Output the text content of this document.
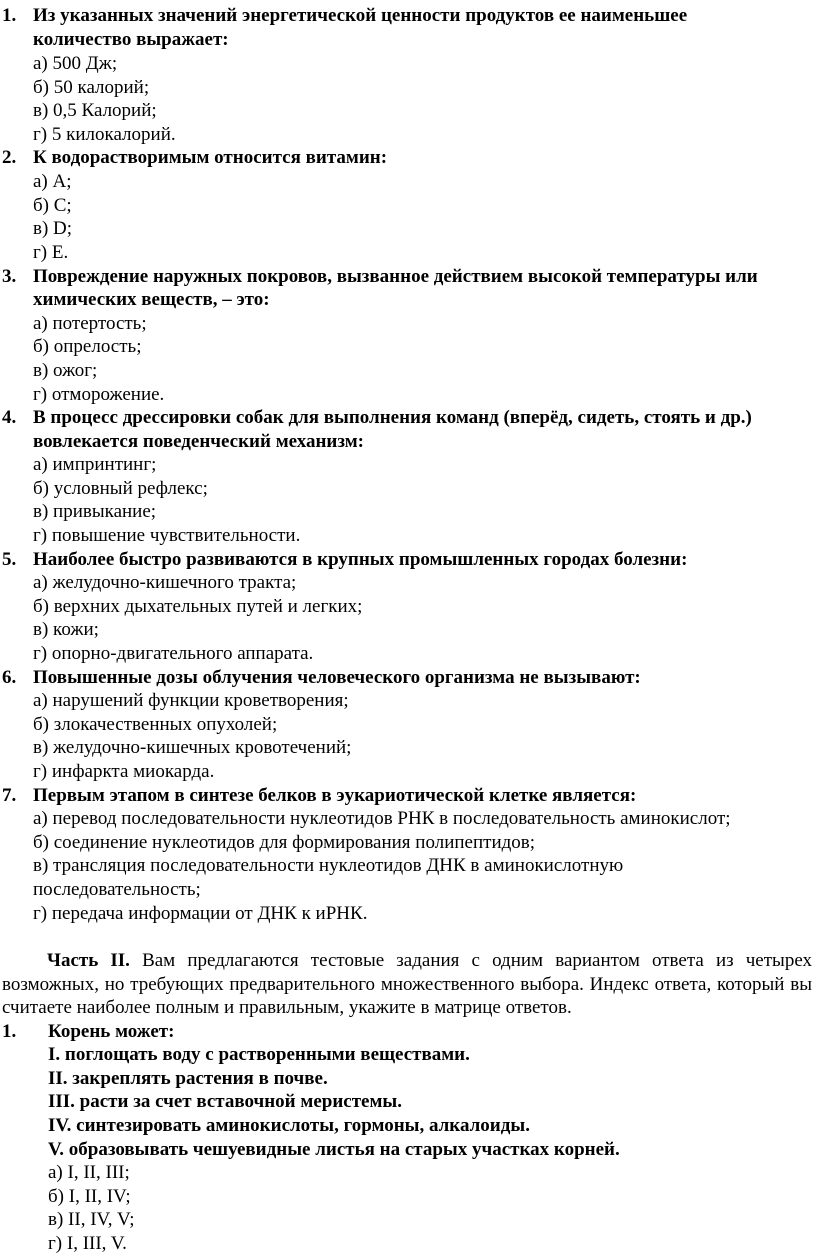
1. Из указанных значений энергетической ценности продуктов ее наименьшее
количество выражает:
а) 500 Дж;
б) 50 калорий;
в) 0,5 Калорий;
г) 5 килокалорий.
2. К водорастворимым относится витамин:
а) А;
б) С;
в) D;
г) Е.
3. Повреждение наружных покровов, вызванное действием высокой температуры или
химических веществ, – это:
а) потертость;
б) опрелость;
в) ожог;
г) отморожение.
4. В процесс дрессировки собак для выполнения команд (вперёд, сидеть, стоять и др.)
вовлекается поведенческий механизм:
а) импринтинг;
б) условный рефлекс;
в) привыкание;
г) повышение чувствительности.
5. Наиболее быстро развиваются в крупных промышленных городах болезни:
а) желудочно-кишечного тракта;
б) верхних дыхательных путей и легких;
в) кожи;
г) опорно-двигательного аппарата.
6. Повышенные дозы облучения человеческого организма не вызывают:
а) нарушений функции кроветворения;
б) злокачественных опухолей;
в) желудочно-кишечных кровотечений;
г) инфаркта миокарда.
7. Первым этапом в синтезе белков в эукариотической клетке является:
а) перевод последовательности нуклеотидов РНК в последовательность аминокислот;
б) соединение нуклеотидов для формирования полипептидов;
в) трансляция последовательности нуклеотидов ДНК в аминокислотную
последовательность;
г) передача информации от ДНК к иРНК.
Часть II. Вам предлагаются тестовые задания с одним вариантом ответа из четырех возможных, но требующих предварительного множественного выбора. Индекс ответа, который вы считаете наиболее полным и правильным, укажите в матрице ответов.
1. Корень может:
I. поглощать воду с растворенными веществами.
II. закреплять растения в почве.
III. расти за счет вставочной меристемы.
IV. синтезировать аминокислоты, гормоны, алкалоиды.
V. образовывать чешуевидные листья на старых участках корней.
а) I, II, III;
б) I, II, IV;
в) II, IV, V;
г) I, III, V.
